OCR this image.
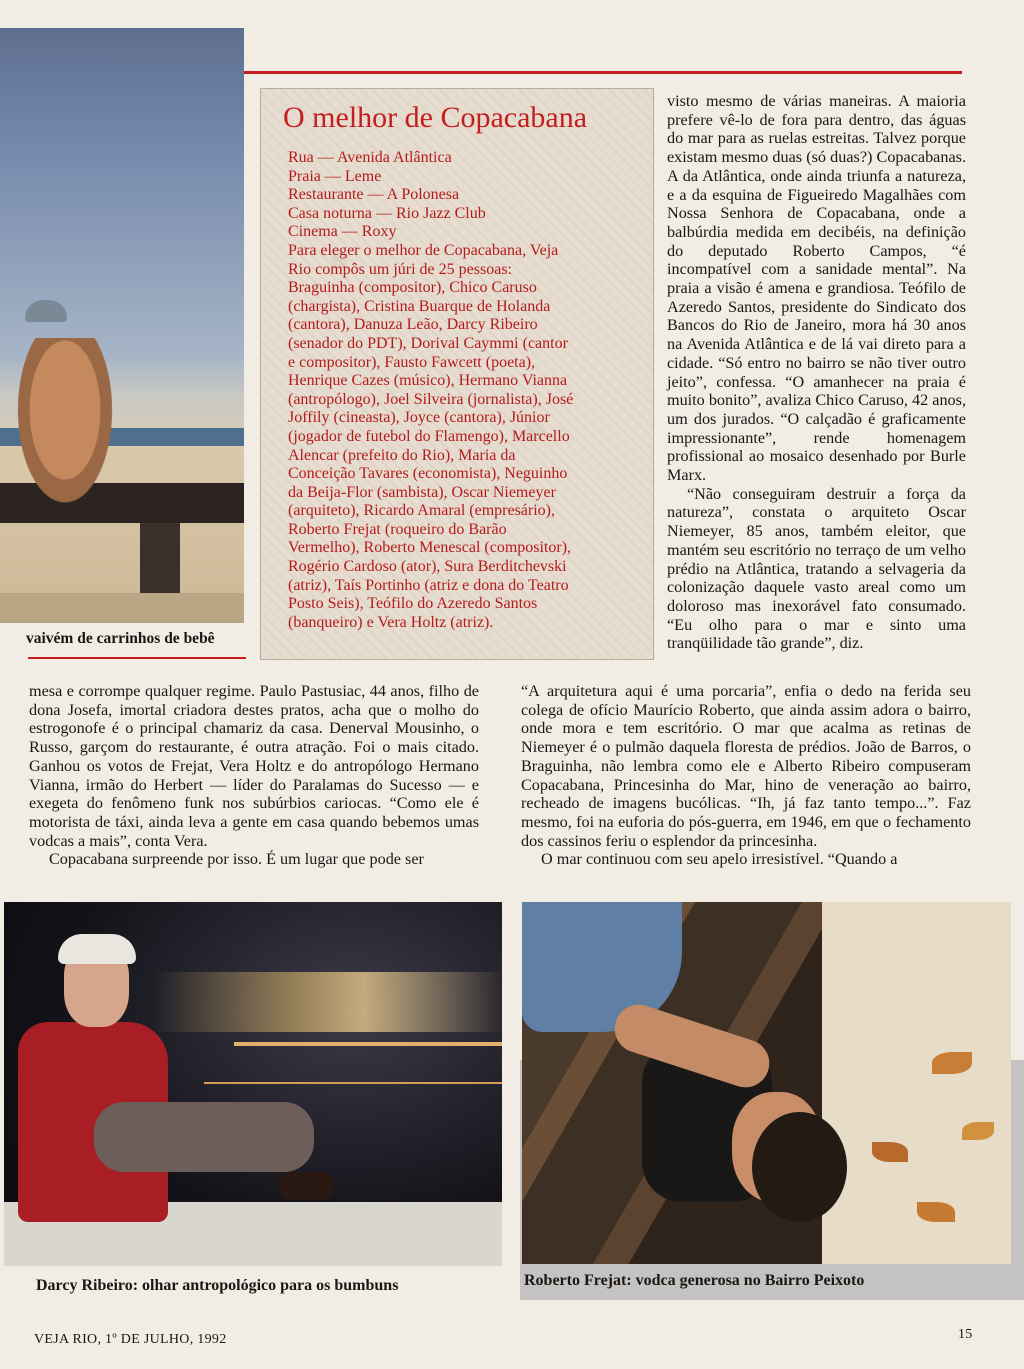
vaivém de carrinhos de bebê
O melhor de Copacabana
Rua — Avenida Atlântica
Praia — Leme
Restaurante — A Polonesa
Casa noturna — Rio Jazz Club
Cinema — Roxy
Para eleger o melhor de Copacabana, Veja
Rio compôs um júri de 25 pessoas:
Braguinha (compositor), Chico Caruso
(chargista), Cristina Buarque de Holanda
(cantora), Danuza Leão, Darcy Ribeiro
(senador do PDT), Dorival Caymmi (cantor
e compositor), Fausto Fawcett (poeta),
Henrique Cazes (músico), Hermano Vianna
(antropólogo), Joel Silveira (jornalista), José
Joffily (cineasta), Joyce (cantora), Júnior
(jogador de futebol do Flamengo), Marcello
Alencar (prefeito do Rio), Maria da
Conceição Tavares (economista), Neguinho
da Beija-Flor (sambista), Oscar Niemeyer
(arquiteto), Ricardo Amaral (empresário),
Roberto Frejat (roqueiro do Barão
Vermelho), Roberto Menescal (compositor),
Rogério Cardoso (ator), Sura Berditchevski
(atriz), Taís Portinho (atriz e dona do Teatro
Posto Seis), Teófilo do Azeredo Santos
(banqueiro) e Vera Holtz (atriz).

visto mesmo de várias maneiras. A maioria prefere vê-lo de fora para dentro, das águas do mar para as ruelas estreitas. Talvez porque existam mesmo duas (só duas?) Copacabanas. A da Atlântica, onde ainda triunfa a natureza, e a da esquina de Figueiredo Magalhães com Nossa Senhora de Copacabana, onde a balbúrdia medida em decibéis, na definição do deputado Roberto Campos, “é incompatível com a sanidade mental”. Na praia a visão é amena e grandiosa. Teófilo de Azeredo Santos, presidente do Sindicato dos Bancos do Rio de Janeiro, mora há 30 anos na Avenida Atlântica e de lá vai direto para a cidade. “Só entro no bairro se não tiver outro jeito”, confessa. “O amanhecer na praia é muito bonito”, avaliza Chico Caruso, 42 anos, um dos jurados. “O calçadão é graficamente impressionante”, rende homenagem profissional ao mosaico desenhado por Burle Marx.

“Não conseguiram destruir a força da natureza”, constata o arquiteto Oscar Niemeyer, 85 anos, também eleitor, que mantém seu escritório no terraço de um velho prédio na Atlântica, tratando a selvageria da colonização daquele vasto areal como um doloroso mas inexorável fato consumado. “Eu olho para o mar e sinto uma tranqüilidade tão grande”, diz.

mesa e corrompe qualquer regime. Paulo Pastusiac, 44 anos, filho de dona Josefa, imortal criadora destes pratos, acha que o molho do estrogonofe é o principal chamariz da casa. Denerval Mousinho, o Russo, garçom do restaurante, é outra atração. Foi o mais citado. Ganhou os votos de Frejat, Vera Holtz e do antropólogo Hermano Vianna, irmão do Herbert — líder do Paralamas do Sucesso — e exegeta do fenômeno funk nos subúrbios cariocas. “Como ele é motorista de táxi, ainda leva a gente em casa quando bebemos umas vodcas a mais”, conta Vera.

Copacabana surpreende por isso. É um lugar que pode ser

“A arquitetura aqui é uma porcaria”, enfia o dedo na ferida seu colega de ofício Maurício Roberto, que ainda assim adora o bairro, onde mora e tem escritório. O mar que acalma as retinas de Niemeyer é o pulmão daquela floresta de prédios. João de Barros, o Braguinha, não lembra como ele e Alberto Ribeiro compuseram Copacabana, Princesinha do Mar, hino de veneração ao bairro, recheado de imagens bucólicas. “Ih, já faz tanto tempo...”. Faz mesmo, foi na euforia do pós-guerra, em 1946, em que o fechamento dos cassinos feriu o esplendor da princesinha.

O mar continuou com seu apelo irresistível. “Quando a

Darcy Ribeiro: olhar antropológico para os bumbuns	Roberto Frejat: vodca generosa no Bairro Peixoto
VEJA RIO, 1º DE JULHO, 1992	15
